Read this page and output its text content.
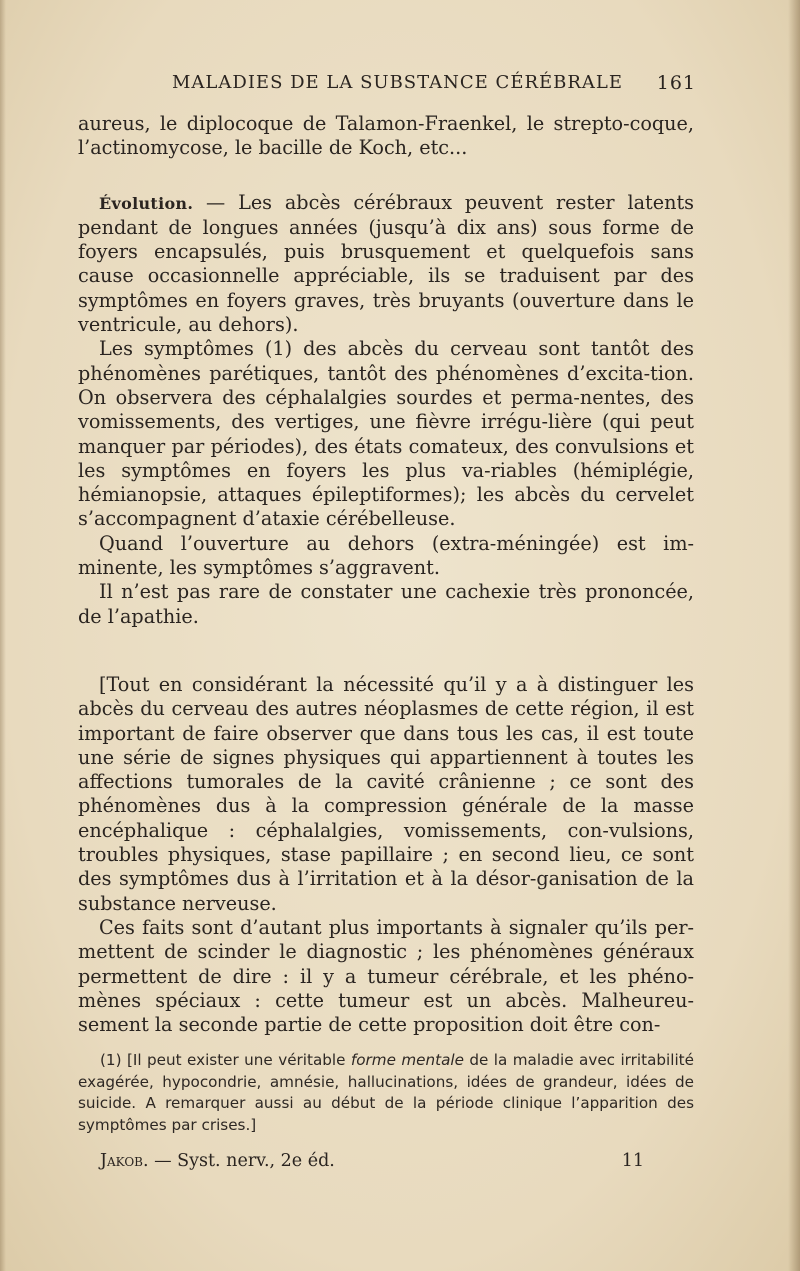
MALADIES DE LA SUBSTANCE CÉRÉBRALE 161

aureus, le diplocoque de Talamon-Fraenkel, le strepto-coque, l’actinomycose, le bacille de Koch, etc...

Évolution. — Les abcès cérébraux peuvent rester latents pendant de longues années (jusqu’à dix ans) sous forme de foyers encapsulés, puis brusquement et quelquefois sans cause occasionnelle appréciable, ils se traduisent par des symptômes en foyers graves, très bruyants (ouverture dans le ventricule, au dehors).

Les symptômes (1) des abcès du cerveau sont tantôt des phénomènes parétiques, tantôt des phénomènes d’excita-tion. On observera des céphalalgies sourdes et perma-nentes, des vomissements, des vertiges, une fièvre irrégu-lière (qui peut manquer par périodes), des états comateux, des convulsions et les symptômes en foyers les plus va-riables (hémiplégie, hémianopsie, attaques épileptiformes); les abcès du cervelet s’accompagnent d’ataxie cérébelleuse.

Quand l’ouverture au dehors (extra-méningée) est im-minente, les symptômes s’aggravent.

Il n’est pas rare de constater une cachexie très prononcée, de l’apathie.

[Tout en considérant la nécessité qu’il y a à distinguer les abcès du cerveau des autres néoplasmes de cette région, il est important de faire observer que dans tous les cas, il est toute une série de signes physiques qui appartiennent à toutes les affections tumorales de la cavité crânienne ; ce sont des phénomènes dus à la compression générale de la masse encéphalique : céphalalgies, vomissements, con-vulsions, troubles physiques, stase papillaire ; en second lieu, ce sont des symptômes dus à l’irritation et à la désor-ganisation de la substance nerveuse.

Ces faits sont d’autant plus importants à signaler qu’ils per-mettent de scinder le diagnostic ; les phénomènes généraux permettent de dire : il y a tumeur cérébrale, et les phéno-mènes spéciaux : cette tumeur est un abcès. Malheureu-sement la seconde partie de cette proposition doit être con-

(1) [Il peut exister une véritable forme mentale de la maladie avec irritabilité exagérée, hypocondrie, amnésie, hallucinations, idées de grandeur, idées de suicide. A remarquer aussi au début de la période clinique l’apparition des symptômes par crises.]

Jakob. — Syst. nerv., 2e éd.	11
